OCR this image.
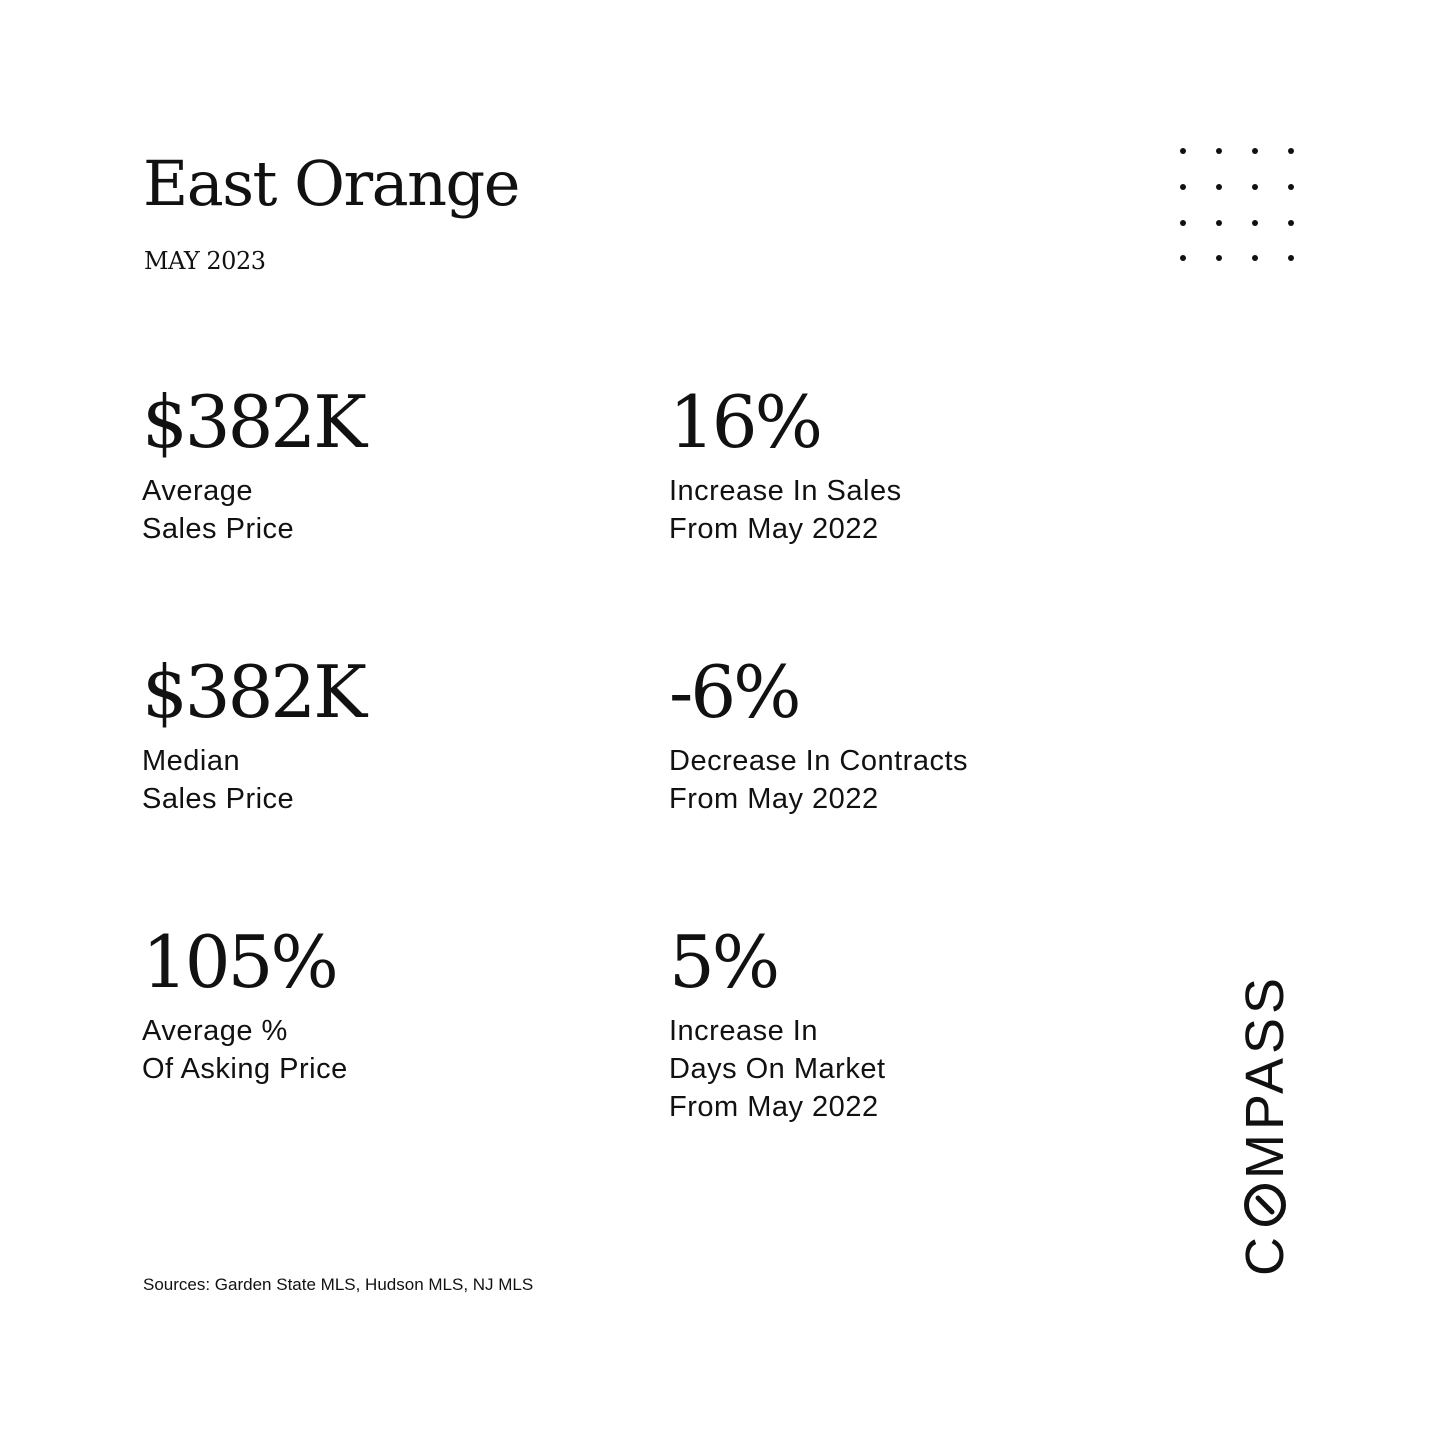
East Orange
MAY 2023
$382K
Average
Sales Price
16%
Increase In Sales
From May 2022
$382K
Median
Sales Price
-6%
Decrease In Contracts
From May 2022
105%
Average %
Of Asking Price
5%
Increase In
Days On Market
From May 2022
Sources: Garden State MLS, Hudson MLS, NJ MLS
C
MPASS
